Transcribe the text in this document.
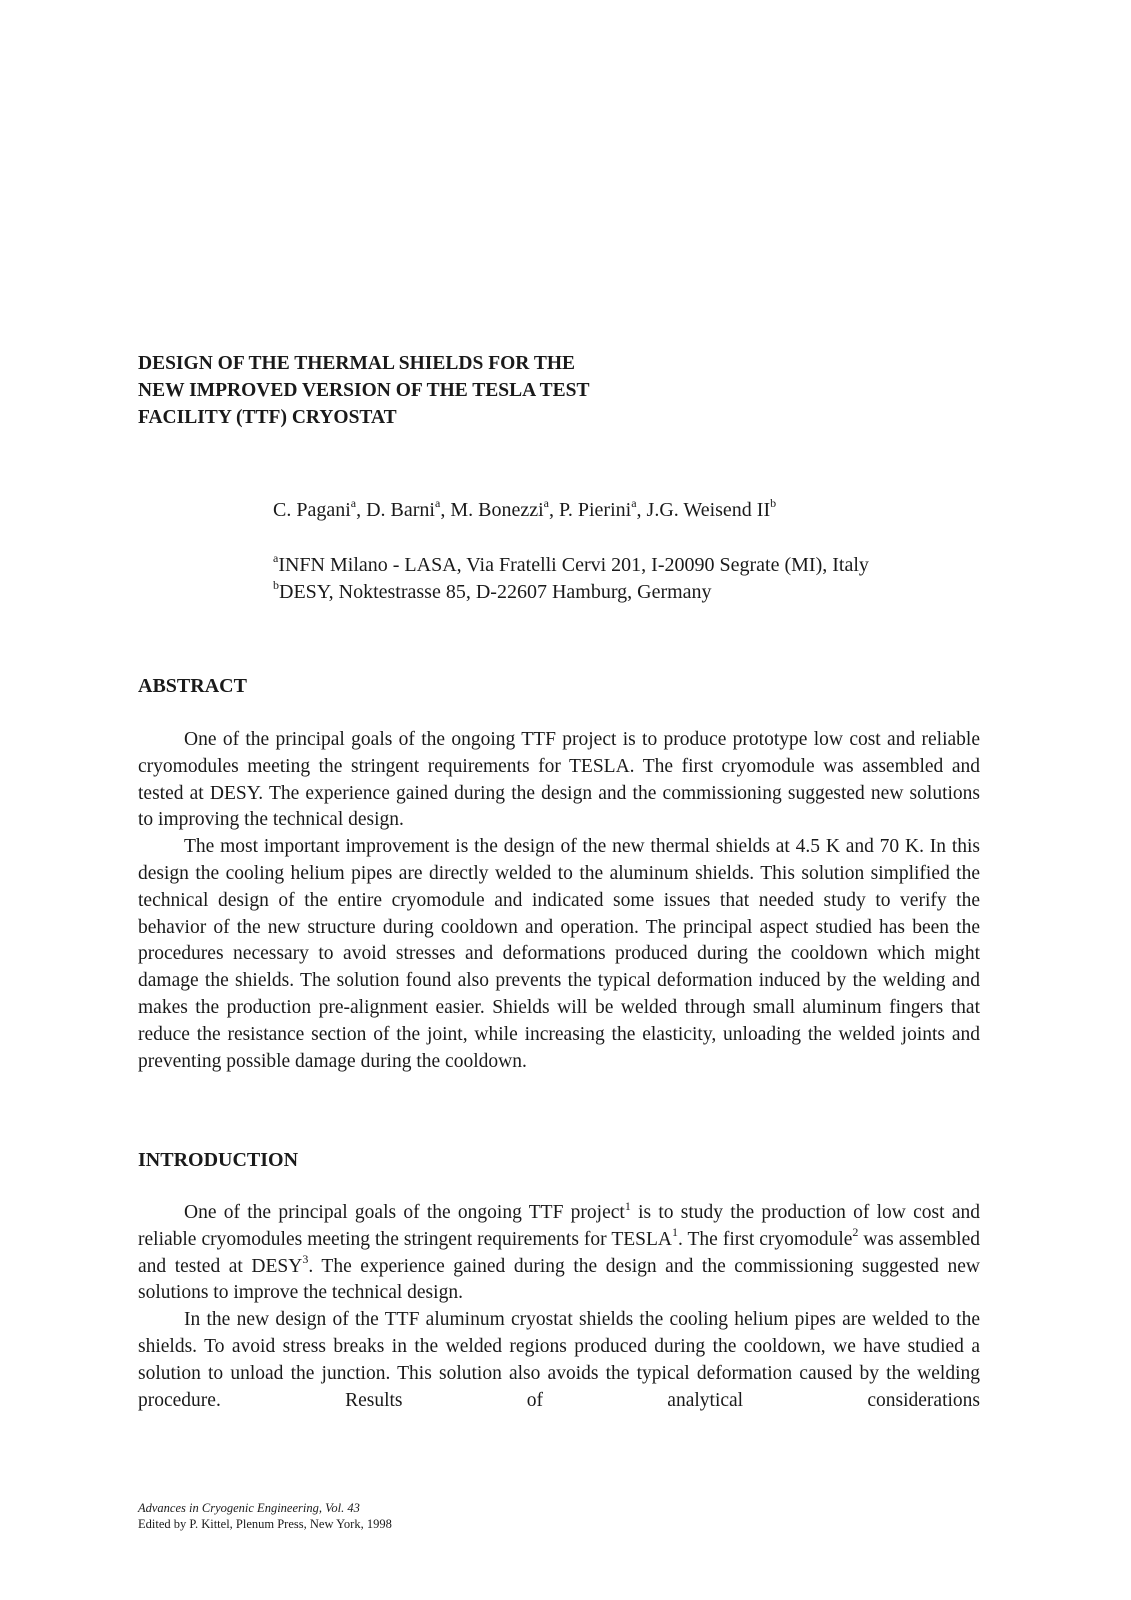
DESIGN OF THE THERMAL SHIELDS FOR THE
NEW IMPROVED VERSION OF THE TESLA TEST
FACILITY (TTF) CRYOSTAT
C. Pagani$^a$, D. Barni$^a$, M. Bonezzi$^a$, P. Pierini$^a$, J.G. Weisend $II^b$
$^a$INFN Milano - LASA, Via Fratelli Cervi 201, I-20090 Segrate (MI), Italy
$^b$DESY, Noktestrasse 85, D-22607 Hamburg, Germany
ABSTRACT

One of the principal goals of the ongoing TTF project is to produce prototype low cost and reliable cryomodules meeting the stringent requirements for TESLA. The first cryomodule was assembled and tested at DESY. The experience gained during the design and the commissioning suggested new solutions to improving the technical design.

The most important improvement is the design of the new thermal shields at 4.5 K and 70 K. In this design the cooling helium pipes are directly welded to the aluminum shields. This solution simplified the technical design of the entire cryomodule and indicated some issues that needed study to verify the behavior of the new structure during cooldown and operation. The principal aspect studied has been the procedures necessary to avoid stresses and deformations produced during the cooldown which might damage the shields. The solution found also prevents the typical deformation induced by the welding and makes the production pre-alignment easier. Shields will be welded through small aluminum fingers that reduce the resistance section of the joint, while increasing the elasticity, unloading the welded joints and preventing possible damage during the cooldown.

INTRODUCTION

One of the principal goals of the ongoing TTF project$^1$ is to study the production of low cost and reliable cryomodules meeting the stringent requirements for TESLA$^1$. The first cryomodule$^2$ was assembled and tested at DESY$^3$. The experience gained during the design and the commissioning suggested new solutions to improve the technical design.

In the new design of the TTF aluminum cryostat shields the cooling helium pipes are welded to the shields. To avoid stress breaks in the welded regions produced during the cooldown, we have studied a solution to unload the junction. This solution also avoids the typical deformation caused by the welding procedure. Results of analytical considerations

Advances in Cryogenic Engineering, Vol. 43
Edited by P. Kittel, Plenum Press, New York, 1998
